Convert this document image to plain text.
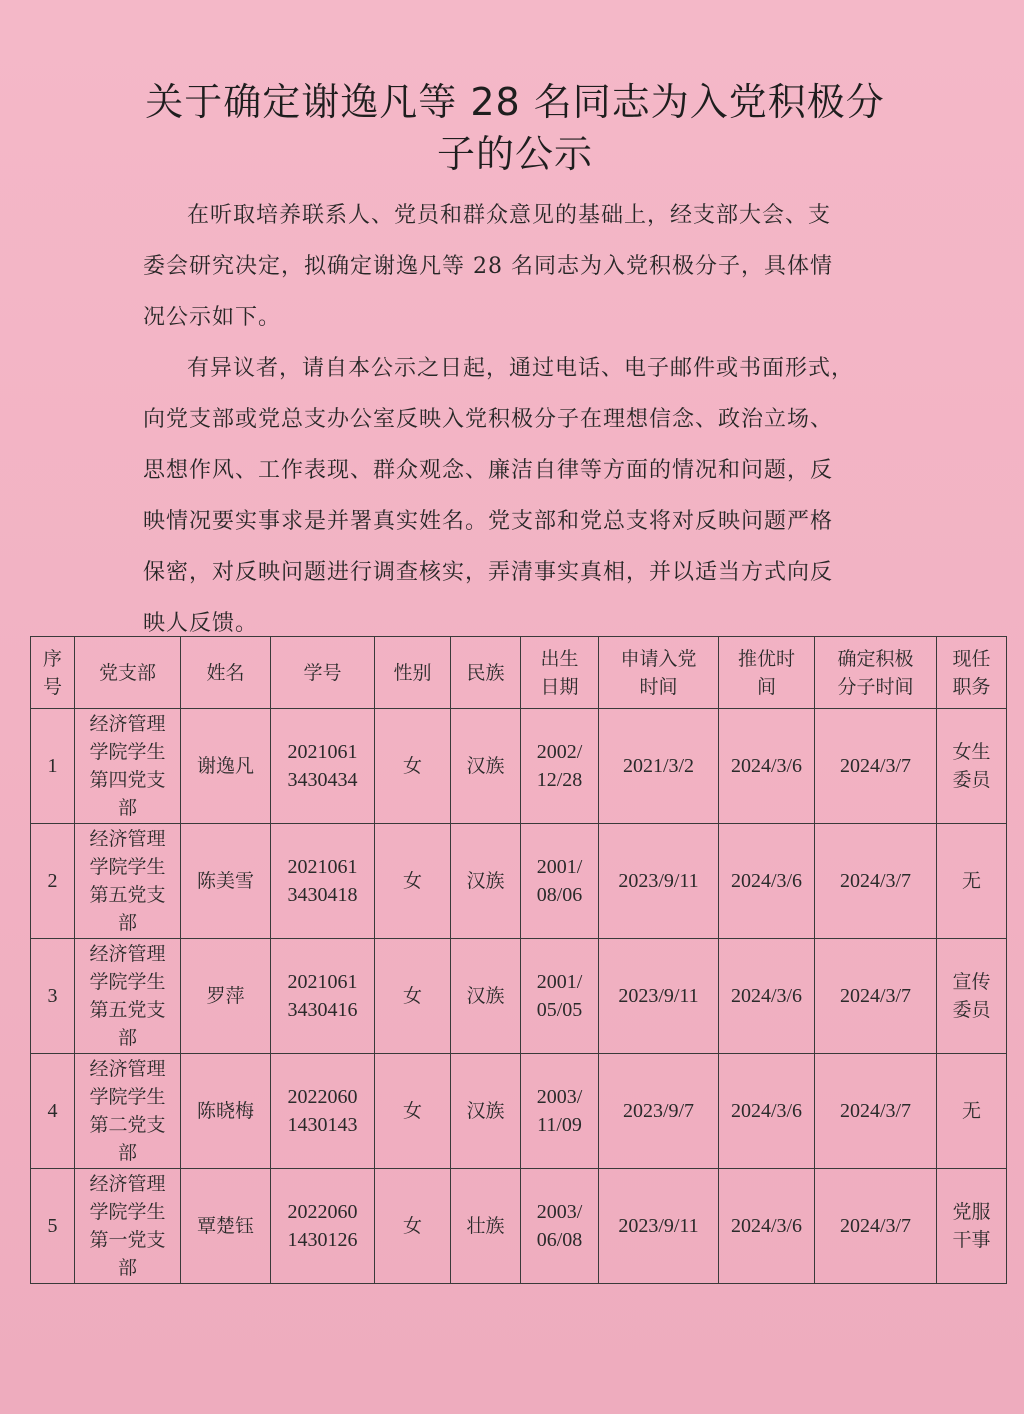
关于确定谢逸凡等 28 名同志为入党积极分
子的公示
在听取培养联系人、党员和群众意见的基础上，经支部大会、支
委会研究决定，拟确定谢逸凡等 28 名同志为入党积极分子，具体情
况公示如下。
有异议者，请自本公示之日起，通过电话、电子邮件或书面形式，
向党支部或党总支办公室反映入党积极分子在理想信念、政治立场、
思想作风、工作表现、群众观念、廉洁自律等方面的情况和问题，反
映情况要实事求是并署真实姓名。党支部和党总支将对反映问题严格
保密，对反映问题进行调查核实，弄清事实真相，并以适当方式向反
映人反馈。
序
号	党支部	姓名	学号	性别	民族	出生
日期	申请入党
时间	推优时
间	确定积极
分子时间	现任
职务

1	经济管理
学院学生
第四党支
部	谢逸凡	2021061
3430434	女	汉族	2002/
12/28	2021/3/2	2024/3/6	2024/3/7	女生
委员

2	经济管理
学院学生
第五党支
部	陈美雪	2021061
3430418	女	汉族	2001/
08/06	2023/9/11	2024/3/6	2024/3/7	无

3	经济管理
学院学生
第五党支
部	罗萍	2021061
3430416	女	汉族	2001/
05/05	2023/9/11	2024/3/6	2024/3/7	宣传
委员

4	经济管理
学院学生
第二党支
部	陈晓梅	2022060
1430143	女	汉族	2003/
11/09	2023/9/7	2024/3/6	2024/3/7	无

5	经济管理
学院学生
第一党支
部	覃楚钰	2022060
1430126	女	壮族	2003/
06/08	2023/9/11	2024/3/6	2024/3/7	党服
干事
